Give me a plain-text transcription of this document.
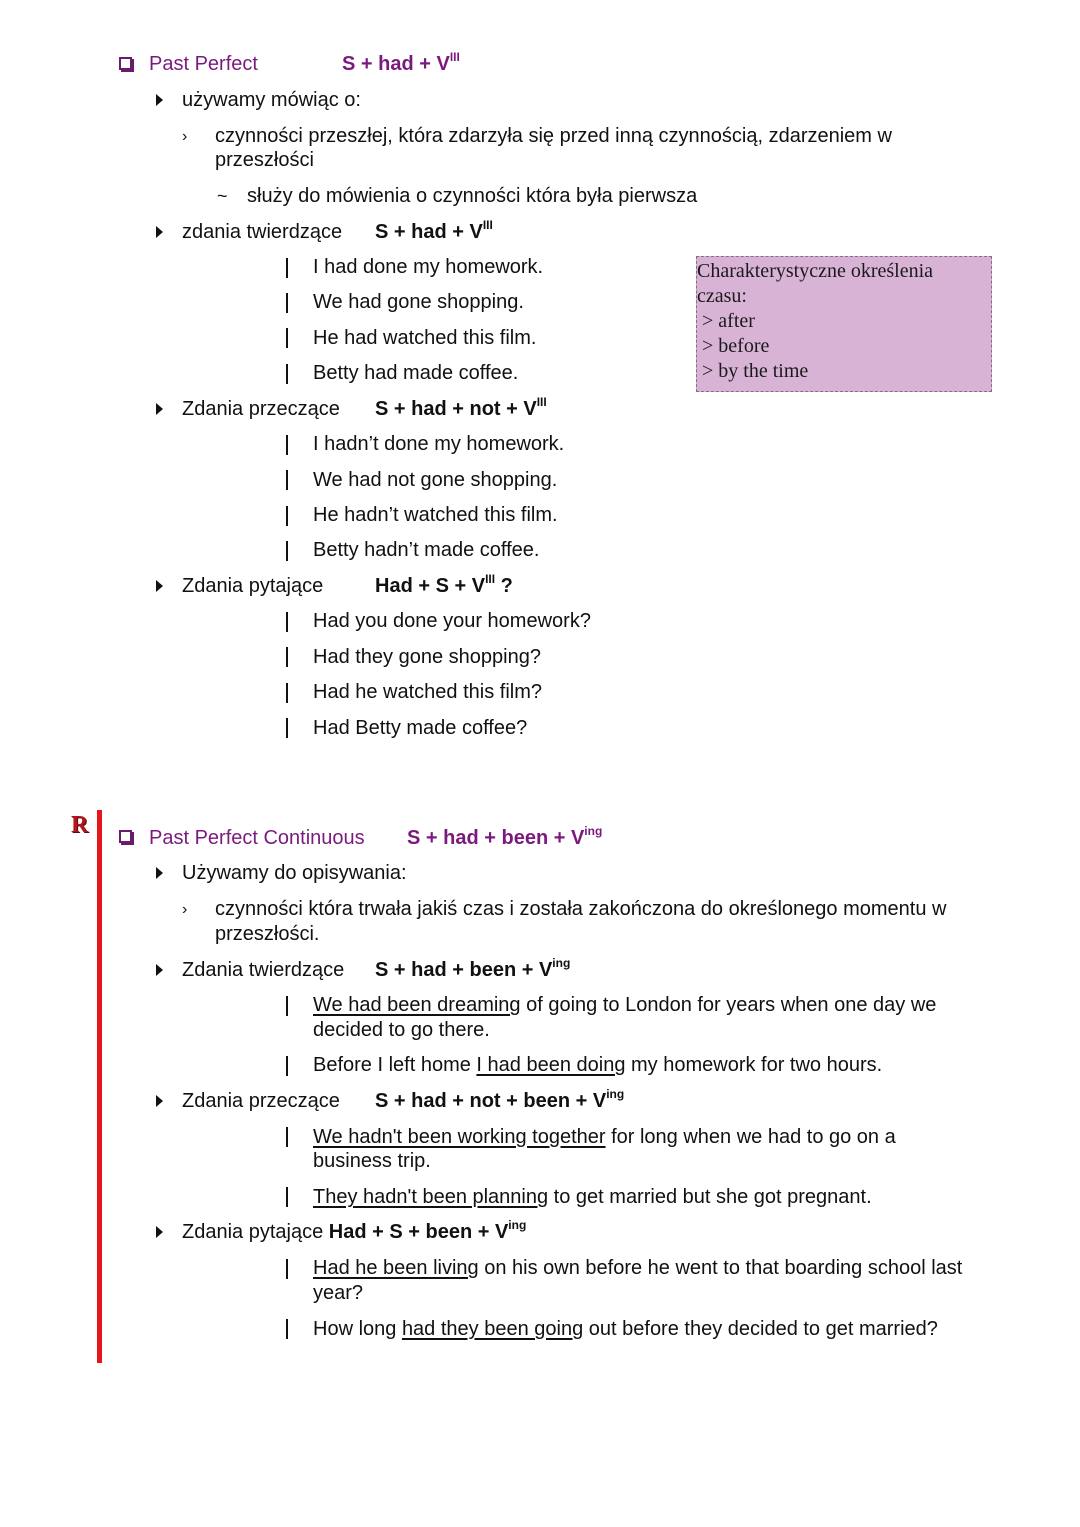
Past Perfect	S + had + $V^{III}$
używamy mówiąc o:
› czynności przeszłej, która zdarzyła się przed inną czynnością, zdarzeniem w
przeszłości
~ służy do mówienia o czynności która była pierwsza
zdania twierdzące S + had + $V^{III}$
I had done my homework.
We had gone shopping.
He had watched this film.
Betty had made coffee.
Charakterystyczne określenia
czasu:
> after
> before
> by the time
Zdania przeczące S + had + not + $V^{III}$
I hadn’t done my homework.
We had not gone shopping.
He hadn’t watched this film.
Betty hadn’t made coffee.
Zdania pytające	Had + $S + V^{III}$ ?
Had you done your homework?
Had they gone shopping?
Had he watched this film?
Had Betty made coffee?
R	Past Perfect Continuous S + had + been + $V^{ing}$
Używamy do opisywania:
› czynności która trwała jakiś czas i została zakończona do określonego momentu w
przeszłości.
Zdania twierdzące S + had + been + $V^{ing}$
We had been dreaming of going to London for years when one day we
decided to go there.
Before I left home I had been doing my homework for two hours.
Zdania przeczące S + had + not + been + $V^{ing}$
We hadn't been working together for long when we had to go on a
business trip.
They hadn't been planning to get married but she got pregnant.
Zdania pytające Had + S + been + $V^{ing}$
Had he been living on his own before he went to that boarding school last
year?
How long had they been going out before they decided to get married?
